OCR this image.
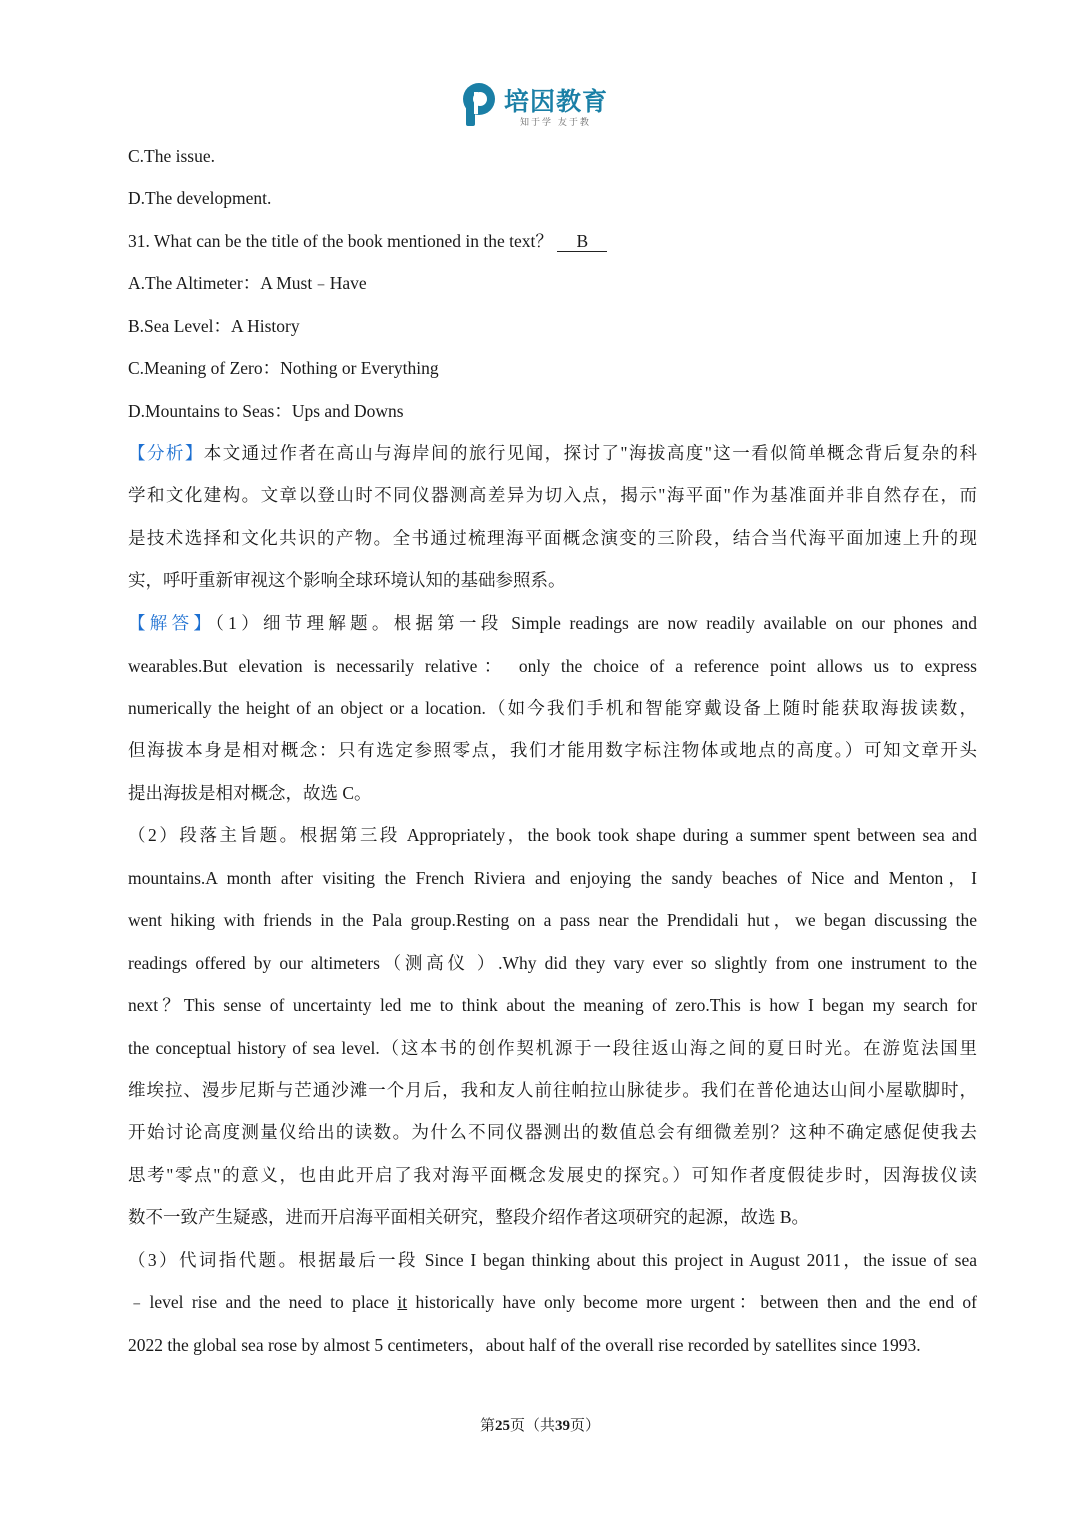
培因教育
知于学 友于教
C.The issue.
D.The development.
31. What can be the title of the book mentioned in the text？ B
A.The Altimeter：A Must﹣Have
B.Sea Level：A History
C.Meaning of Zero：Nothing or Everything
D.Mountains to Seas：Ups and Downs
【分析】本文通过作者在高山与海岸间的旅行见闻，探讨了"海拔高度"这一看似简单概念背后复杂的科
学和文化建构。文章以登山时不同仪器测高差异为切入点，揭示"海平面"作为基准面并非自然存在，而
是技术选择和文化共识的产物。全书通过梳理海平面概念演变的三阶段，结合当代海平面加速上升的现
实，呼吁重新审视这个影响全球环境认知的基础参照系。
【解答】（1）细节理解题。根据第一段 Simple readings are now readily available on our phones and
wearables.But elevation is necessarily relative： only the choice of a reference point allows us to express
numerically the height of an object or a location.（如今我们手机和智能穿戴设备上随时能获取海拔读数，
但海拔本身是相对概念：只有选定参照零点，我们才能用数字标注物体或地点的高度。）可知文章开头
提出海拔是相对概念，故选 C。
（2）段落主旨题。根据第三段 Appropriately，the book took shape during a summer spent between sea and
mountains.A month after visiting the French Riviera and enjoying the sandy beaches of Nice and Menton，I
went hiking with friends in the Pala group.Resting on a pass near the Prendidali hut，we began discussing the
readings offered by our altimeters（测高仪 ）.Why did they vary ever so slightly from one instrument to the
next？This sense of uncertainty led me to think about the meaning of zero.This is how I began my search for
the conceptual history of sea level.（这本书的创作契机源于一段往返山海之间的夏日时光。在游览法国里
维埃拉、漫步尼斯与芒通沙滩一个月后，我和友人前往帕拉山脉徒步。我们在普伦迪达山间小屋歇脚时，
开始讨论高度测量仪给出的读数。为什么不同仪器测出的数值总会有细微差别？这种不确定感促使我去
思考"零点"的意义，也由此开启了我对海平面概念发展史的探究。）可知作者度假徒步时，因海拔仪读
数不一致产生疑惑，进而开启海平面相关研究，整段介绍作者这项研究的起源，故选 B。
（3）代词指代题。根据最后一段 Since I began thinking about this project in August 2011，the issue of sea
﹣level rise and the need to place it historically have only become more urgent：between then and the end of
2022 the global sea rose by almost 5 centimeters，about half of the overall rise recorded by satellites since 1993.
第25页（共39页）
